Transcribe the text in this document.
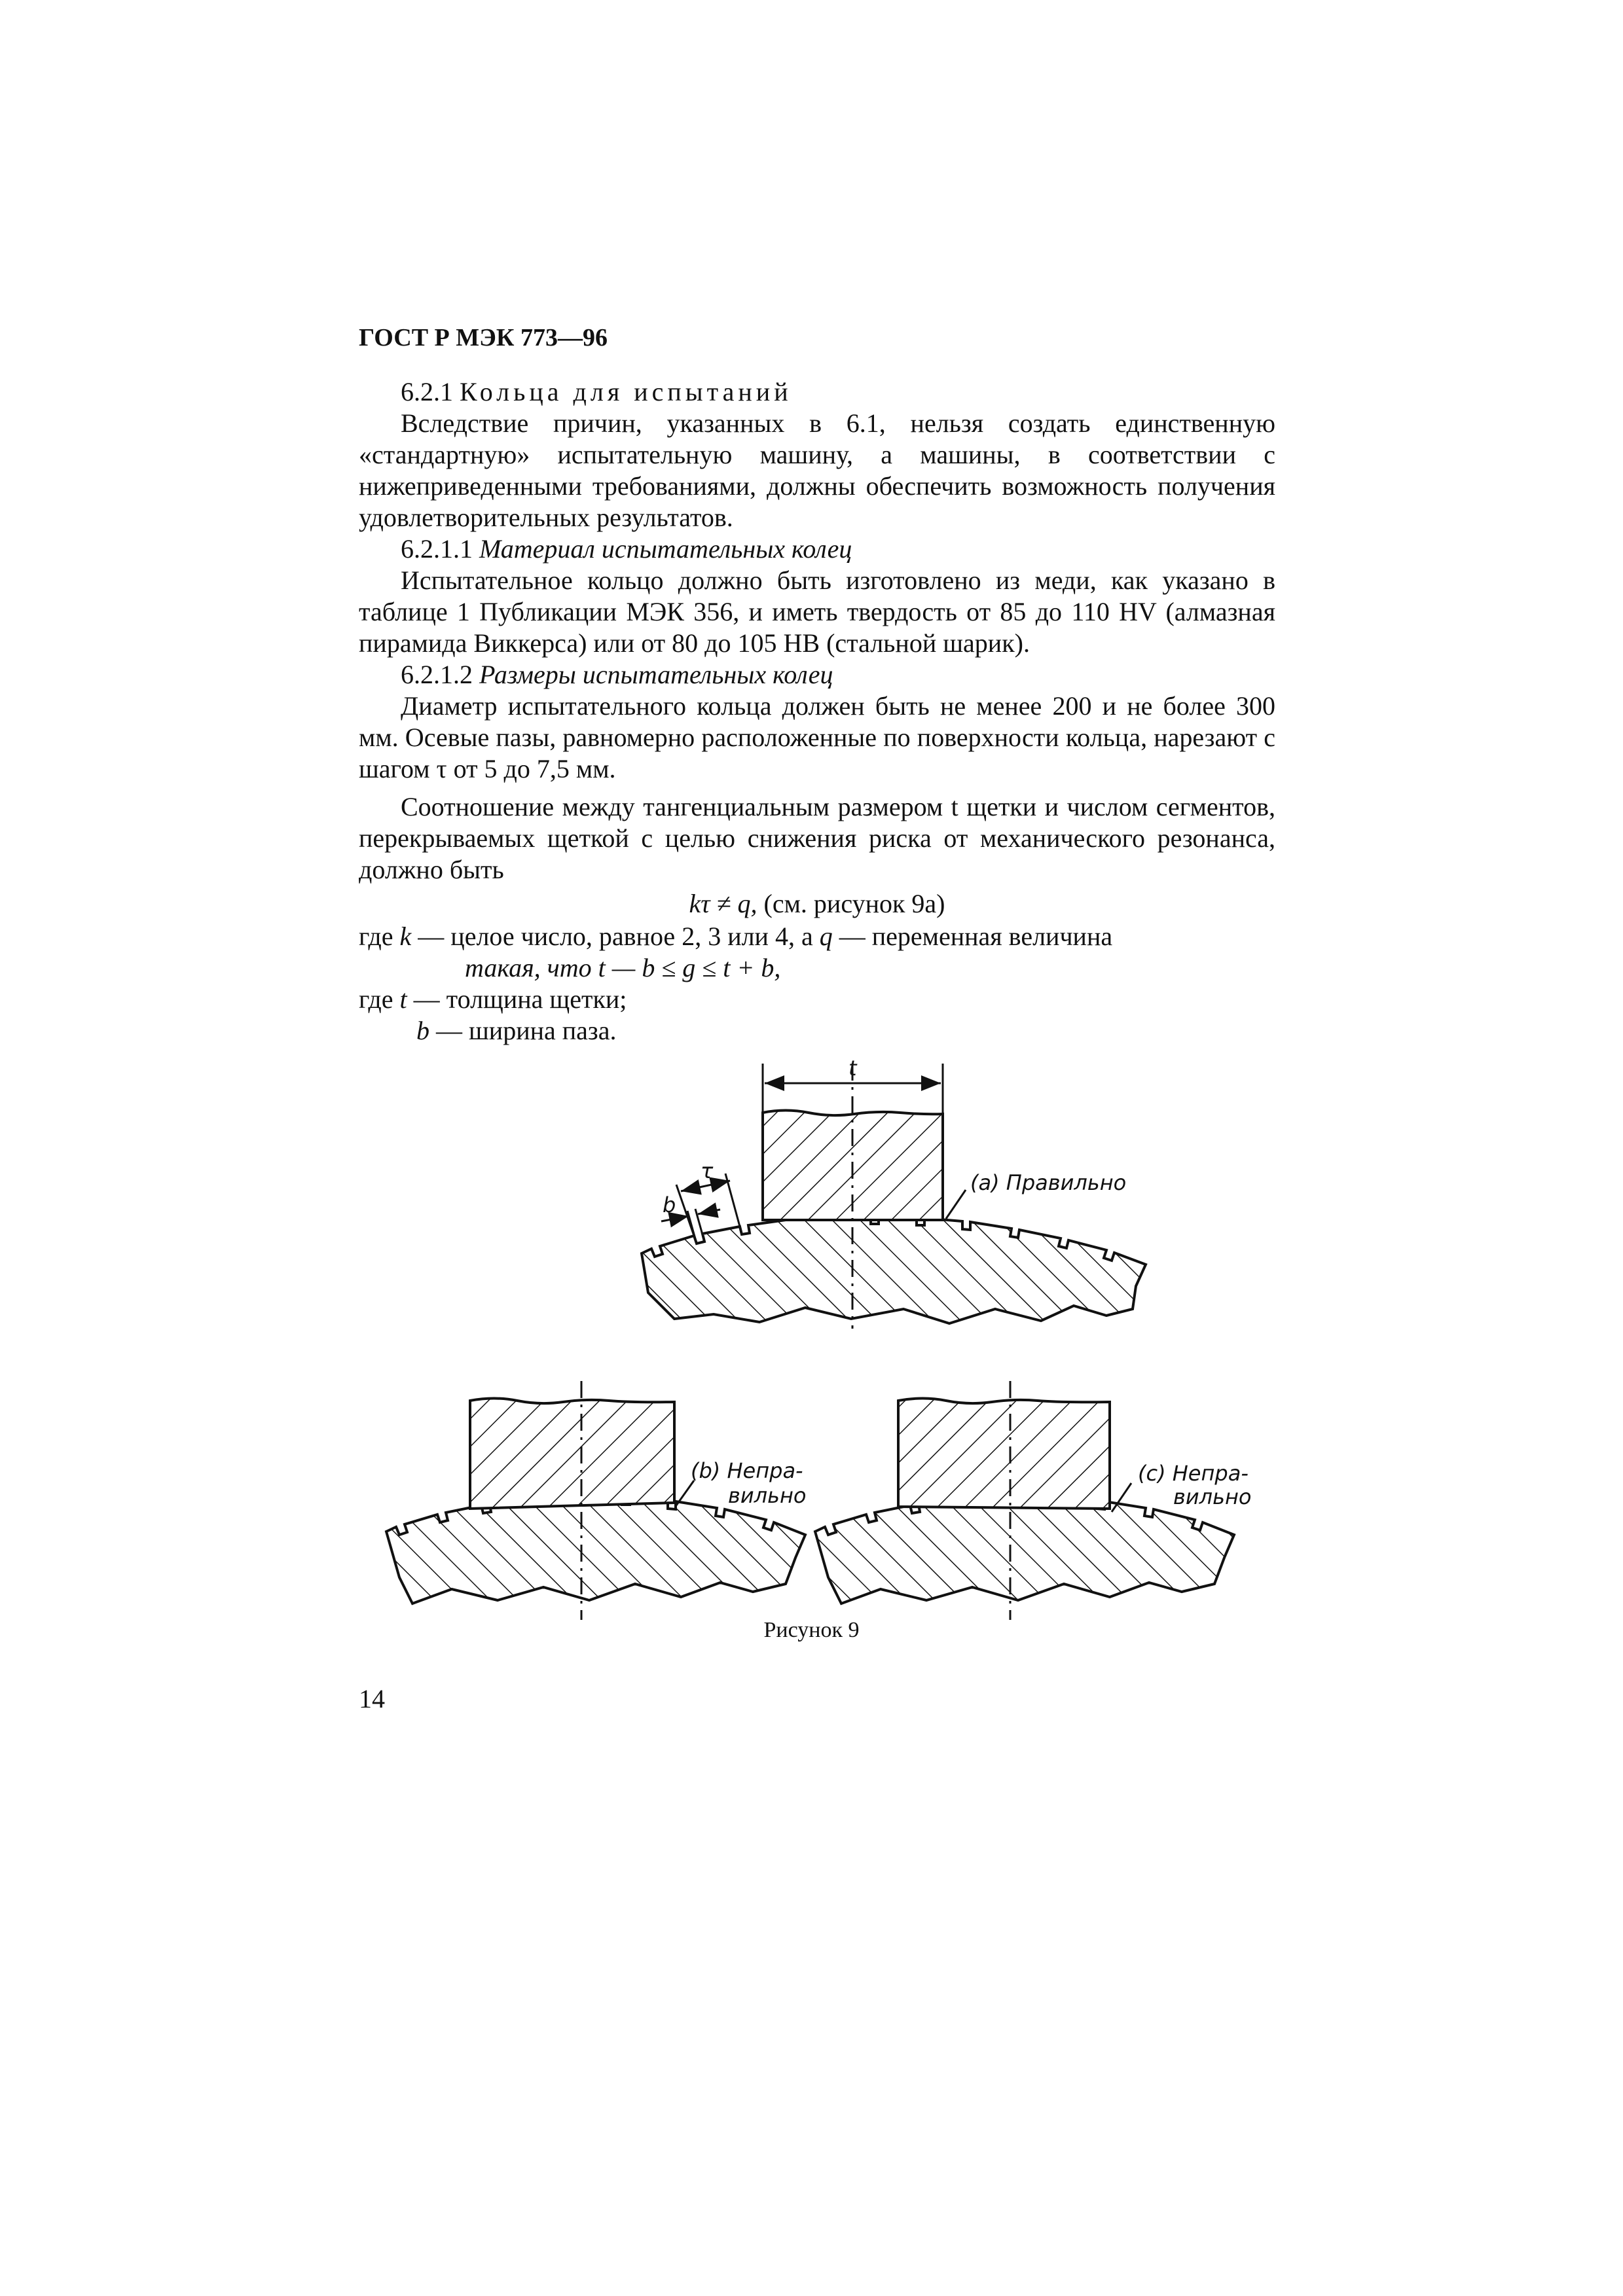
ГОСТ Р МЭК 773—96

6.2.1 Кольца для испытаний

Вследствие причин, указанных в 6.1, нельзя создать единственную «стандартную» испытательную машину, а машины, в соответствии с нижеприведенными требованиями, должны обеспечить возможность получения удовлетворительных результатов.

6.2.1.1 Материал испытательных колец

Испытательное кольцо должно быть изготовлено из меди, как указано в таблице 1 Публикации МЭК 356, и иметь твердость от 85 до 110 HV (алмазная пирамида Виккерса) или от 80 до 105 HB (стальной шарик).

6.2.1.2 Размеры испытательных колец

Диаметр испытательного кольца должен быть не менее 200 и не более 300 мм. Осевые пазы, равномерно расположенные по поверхности кольца, нарезают с шагом τ от 5 до 7,5 мм.

Соотношение между тангенциальным размером t щетки и числом сегментов, перекрываемых щеткой с целью снижения риска от механического резонанса, должно быть

kτ ≠ q, (см. рисунок 9а)

где k — целое число, равное 2, 3 или 4, а q — переменная величина

такая, что t — b ≤ g ≤ t + b,

где t — толщина щетки;

b — ширина паза.

t
τ
b
(а) Правильно
(b) Непра-
вильно
(с) Непра-
вильно
Рисунок 9
14
